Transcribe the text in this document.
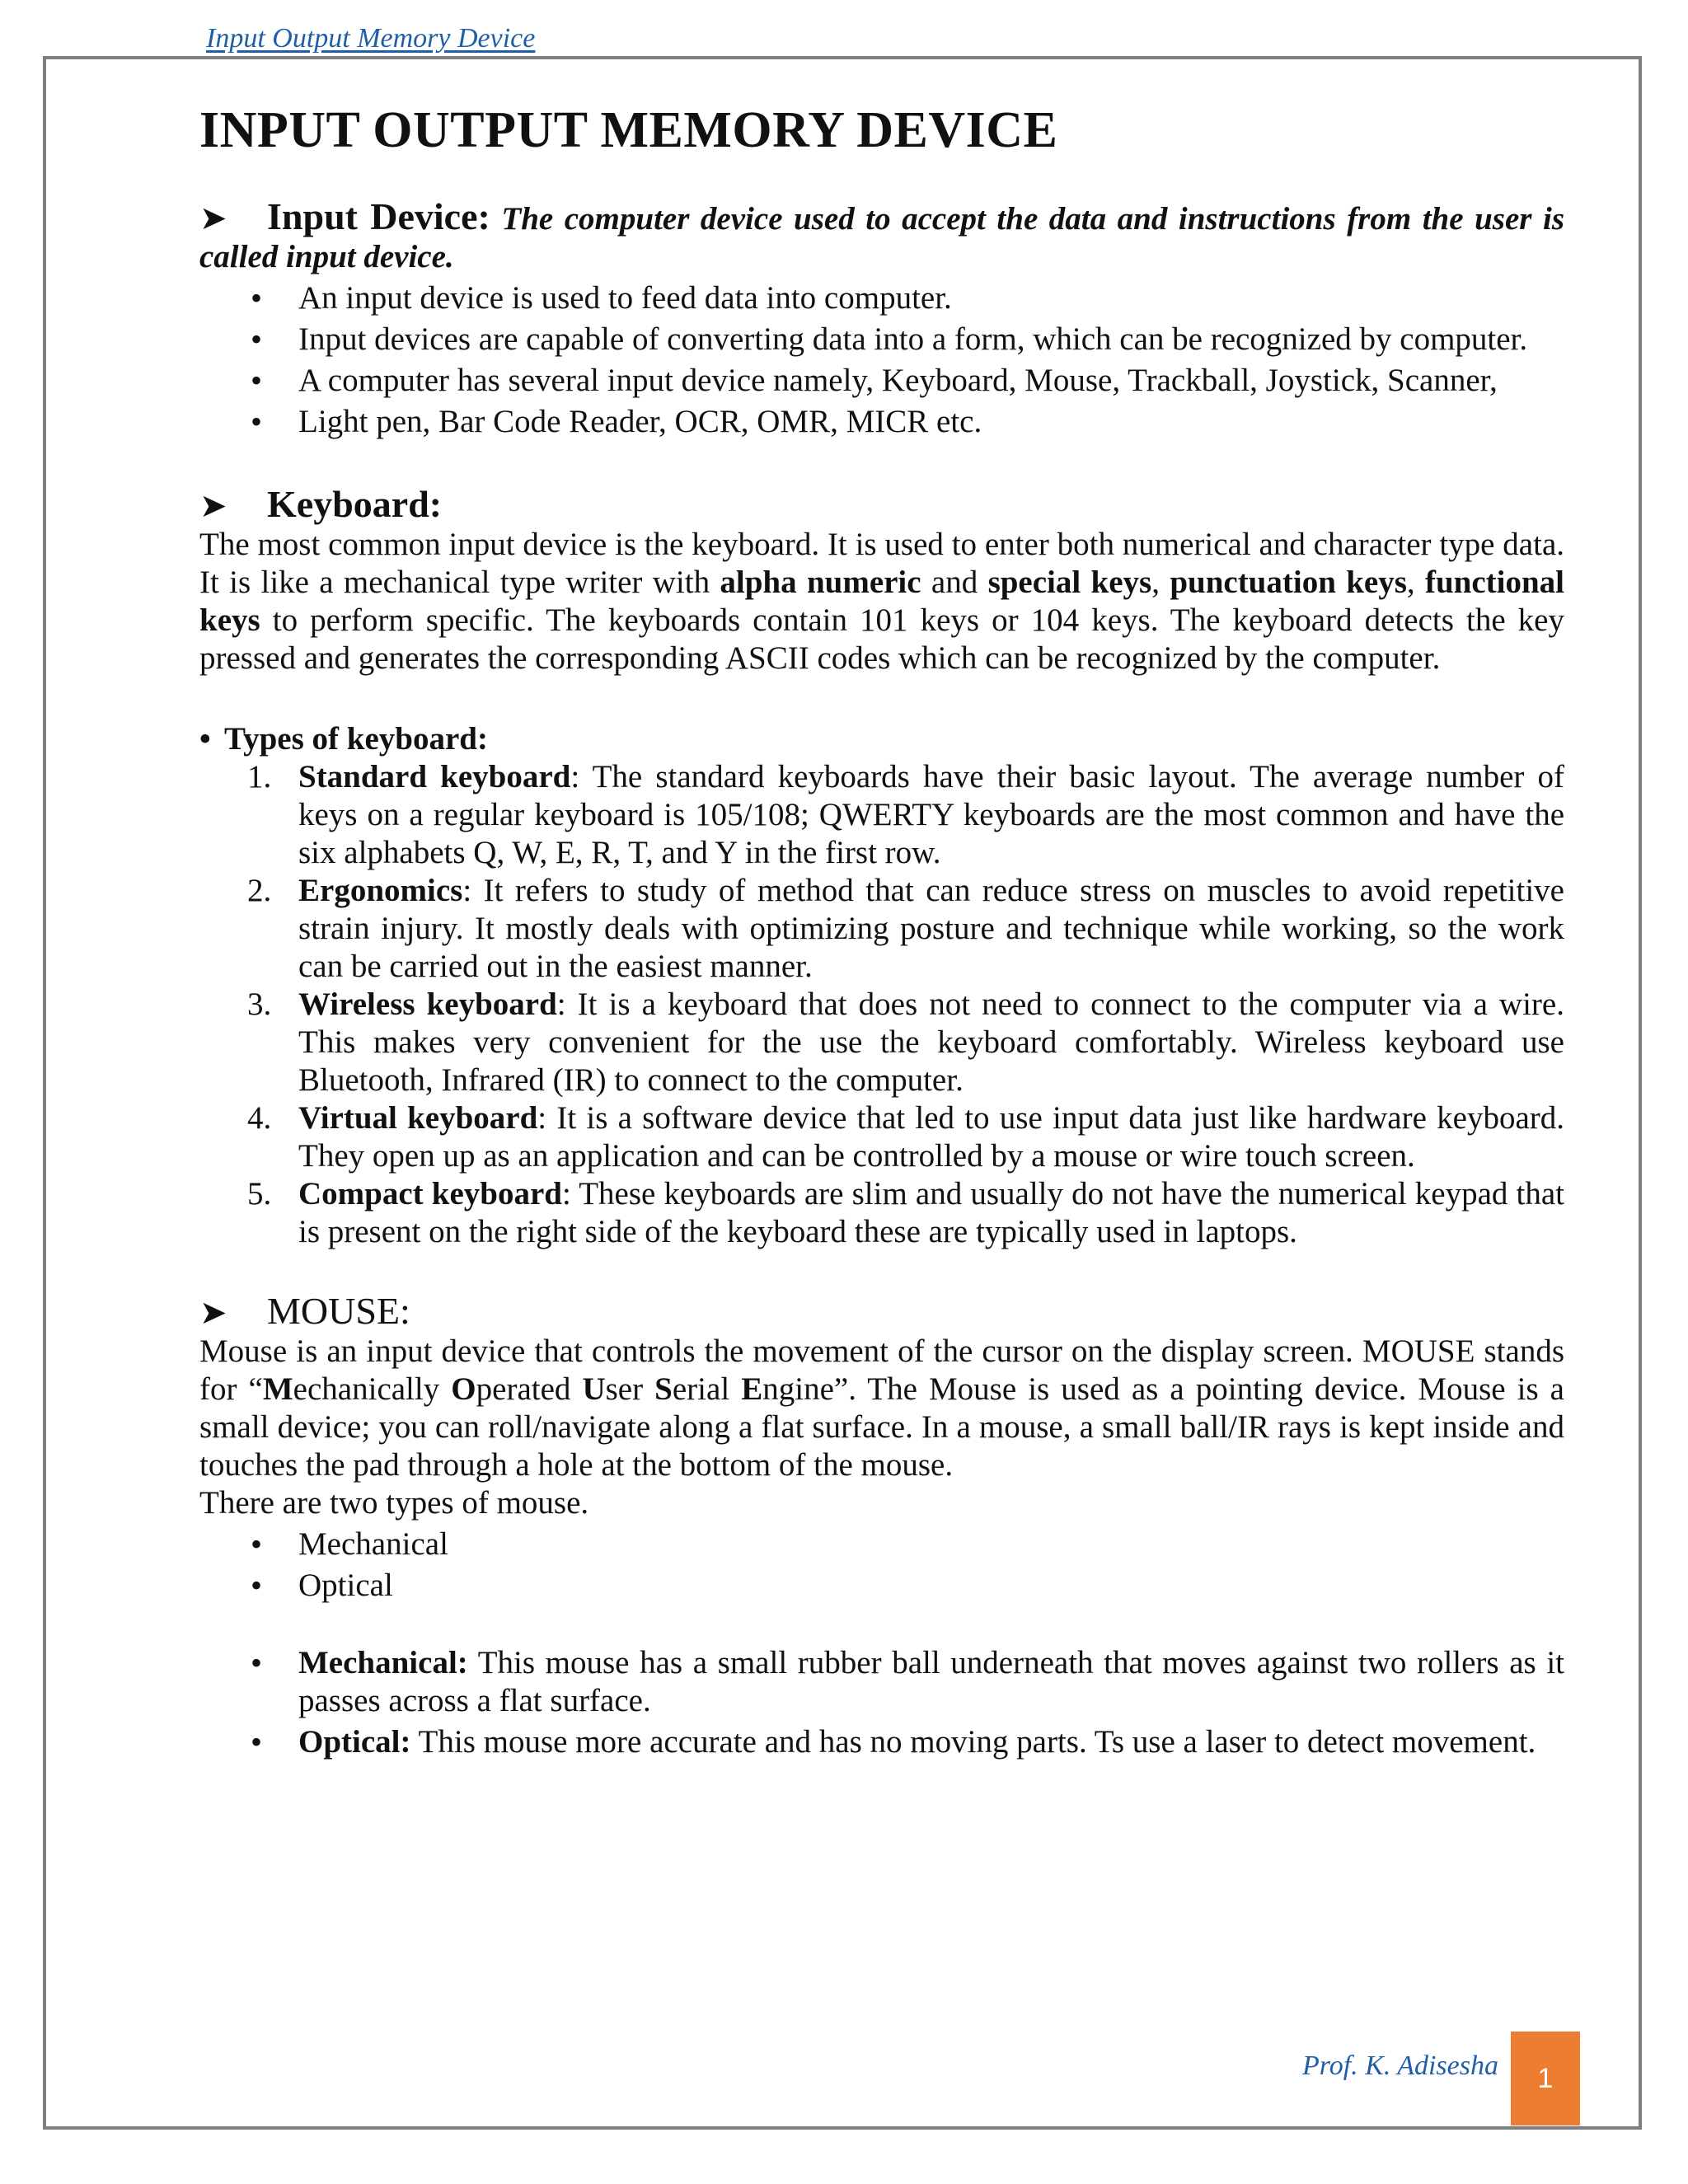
Input Output Memory Device
INPUT OUTPUT MEMORY DEVICE
➤ Input Device: The computer device used to accept the data and instructions from the user is called input device.
• An input device is used to feed data into computer.
• Input devices are capable of converting data into a form, which can be recognized by computer.
• A computer has several input device namely, Keyboard, Mouse, Trackball, Joystick, Scanner,
• Light pen, Bar Code Reader, OCR, OMR, MICR etc.
➤ Keyboard:

The most common input device is the keyboard. It is used to enter both numerical and character type data. It is like a mechanical type writer with alpha numeric and special keys, punctuation keys, functional keys to perform specific. The keyboards contain 101 keys or 104 keys. The keyboard detects the key pressed and generates the corresponding ASCII codes which can be recognized by the computer.

• Types of keyboard:
1. Standard keyboard: The standard keyboards have their basic layout. The average number of keys on a regular keyboard is 105/108; QWERTY keyboards are the most common and have the six alphabets Q, W, E, R, T, and Y in the first row.
2. Ergonomics: It refers to study of method that can reduce stress on muscles to avoid repetitive strain injury. It mostly deals with optimizing posture and technique while working, so the work can be carried out in the easiest manner.
3. Wireless keyboard: It is a keyboard that does not need to connect to the computer via a wire. This makes very convenient for the use the keyboard comfortably. Wireless keyboard use Bluetooth, Infrared (IR) to connect to the computer.
4. Virtual keyboard: It is a software device that led to use input data just like hardware keyboard. They open up as an application and can be controlled by a mouse or wire touch screen.
5. Compact keyboard: These keyboards are slim and usually do not have the numerical keypad that is present on the right side of the keyboard these are typically used in laptops.
➤ MOUSE:

Mouse is an input device that controls the movement of the cursor on the display screen. MOUSE stands for “Mechanically Operated User Serial Engine”. The Mouse is used as a pointing device. Mouse is a small device; you can roll/navigate along a flat surface. In a mouse, a small ball/IR rays is kept inside and touches the pad through a hole at the bottom of the mouse.

There are two types of mouse.

• Mechanical
• Optical
• Mechanical: This mouse has a small rubber ball underneath that moves against two rollers as it passes across a flat surface.
• Optical: This mouse more accurate and has no moving parts. Ts use a laser to detect movement.
Prof. K. Adisesha	1
